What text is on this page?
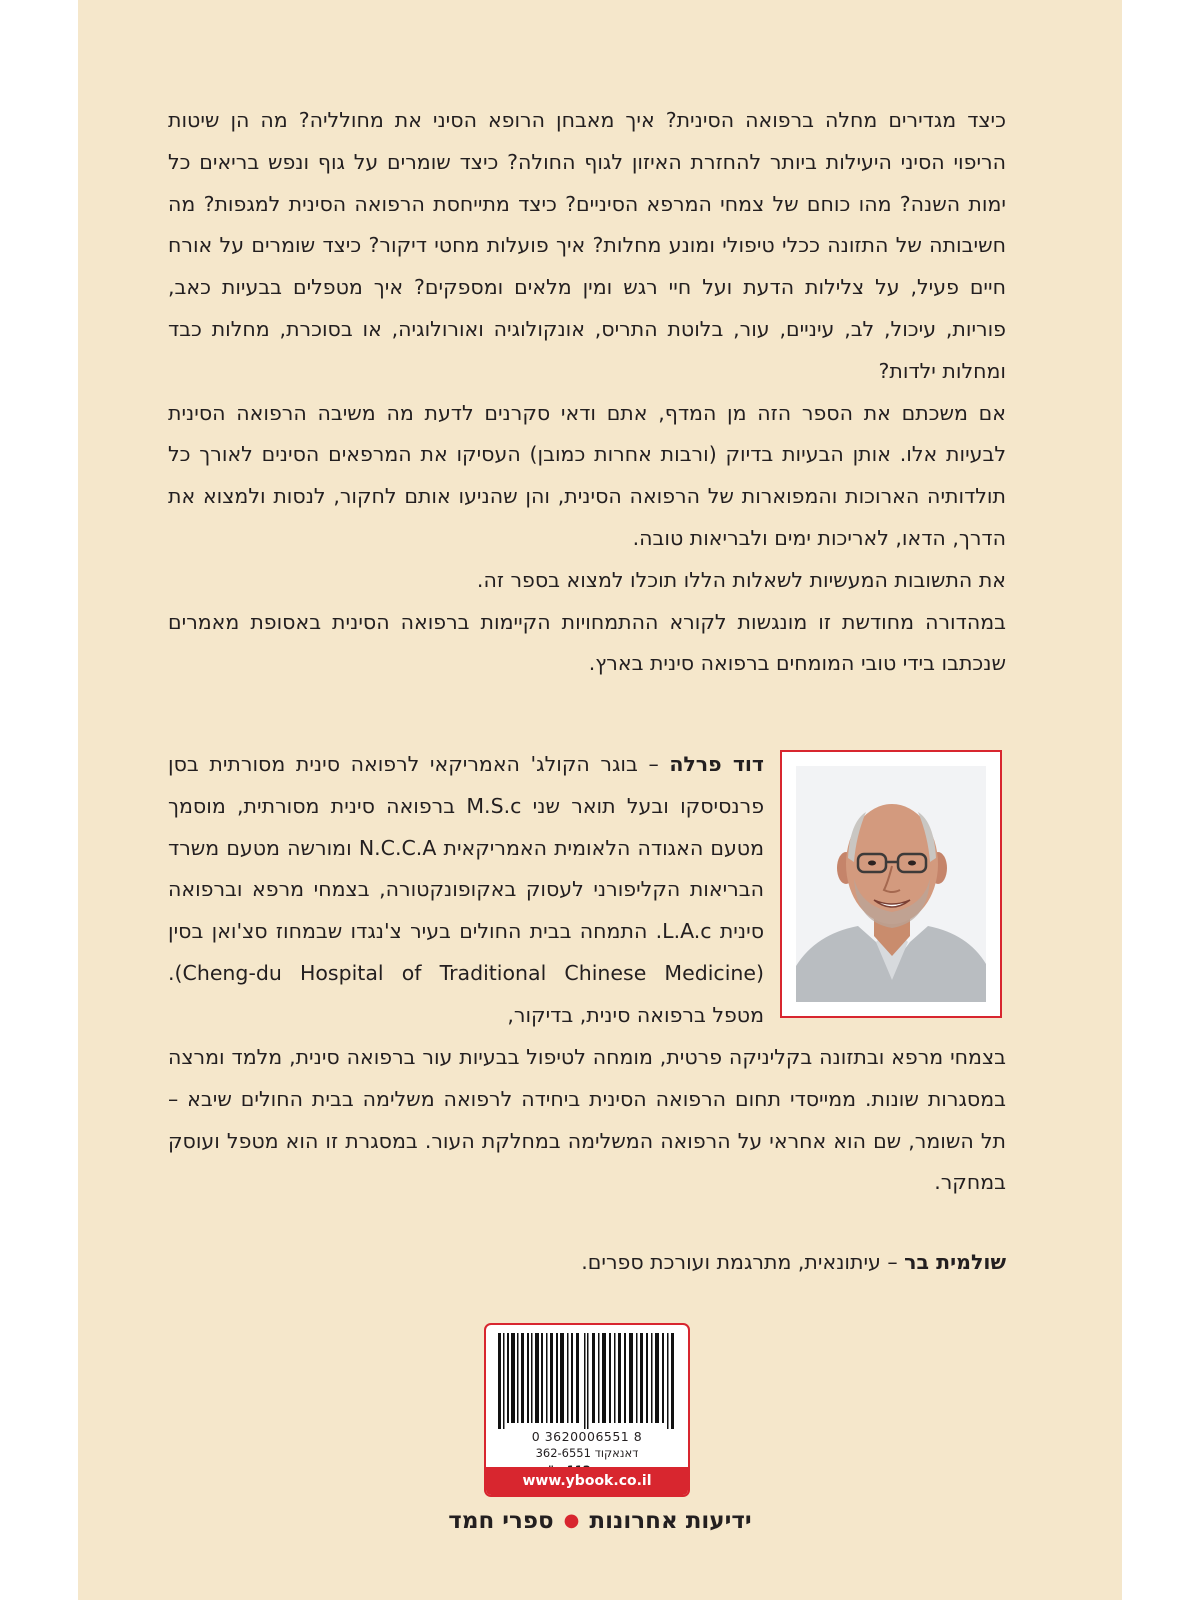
כיצד מגדירים מחלה ברפואה הסינית? איך מאבחן הרופא הסיני את מחולליה? מה הן שיטות הריפוי הסיני היעילות ביותר להחזרת האיזון לגוף החולה? כיצד שומרים על גוף ונפש בריאים כל ימות השנה? מהו כוחם של צמחי המרפא הסיניים? כיצד מתייחסת הרפואה הסינית למגפות? מה חשיבותה של התזונה ככלי טיפולי ומונע מחלות? איך פועלות מחטי דיקור? כיצד שומרים על אורח חיים פעיל, על צלילות הדעת ועל חיי רגש ומין מלאים ומספקים? איך מטפלים בבעיות כאב, פוריות, עיכול, לב, עיניים, עור, בלוטת התריס, אונקולוגיה ואורולוגיה, או בסוכרת, מחלות כבד ומחלות ילדות?

אם משכתם את הספר הזה מן המדף, אתם ודאי סקרנים לדעת מה משיבה הרפואה הסינית לבעיות אלו. אותן הבעיות בדיוק (ורבות אחרות כמובן) העסיקו את המרפאים הסינים לאורך כל תולדותיה הארוכות והמפוארות של הרפואה הסינית, והן שהניעו אותם לחקור, לנסות ולמצוא את הדרך, הדאו, לאריכות ימים ולבריאות טובה.

את התשובות המעשיות לשאלות הללו תוכלו למצוא בספר זה.

במהדורה מחודשת זו מונגשות לקורא ההתמחויות הקיימות ברפואה הסינית באסופת מאמרים שנכתבו בידי טובי המומחים ברפואה סינית בארץ.

דוד פרלה – בוגר הקולג' האמריקאי לרפואה סינית מסורתית בסן פרנסיסקו ובעל תואר שני M.S.c ברפואה סינית מסורתית, מוסמך מטעם האגודה הלאומית האמריקאית N.C.C.A ומורשה מטעם משרד הבריאות הקליפורני לעסוק באקופונקטורה, בצמחי מרפא וברפואה סינית L.A.c. התמחה בבית החולים בעיר צ'נגדו שבמחוז סצ'ואן בסין (Cheng-du Hospital of Traditional Chinese Medicine). מטפל ברפואה סינית, בדיקור,

בצמחי מרפא ובתזונה בקליניקה פרטית, מומחה לטיפול בבעיות עור ברפואה סינית, מלמד ומרצה במסגרות שונות. ממייסדי תחום הרפואה הסינית ביחידה לרפואה משלימה בבית החולים שיבא – תל השומר, שם הוא אחראי על הרפואה המשלימה במחלקת העור. במסגרת זו הוא מטפל ועוסק במחקר.

שולמית בר – עיתונאית, מתרגמת ועורכת ספרים.

0 3620006551 8
דאנאקוד 362-6551
www.ybook.co.il
ידיעות אחרונות●ספרי חמד
